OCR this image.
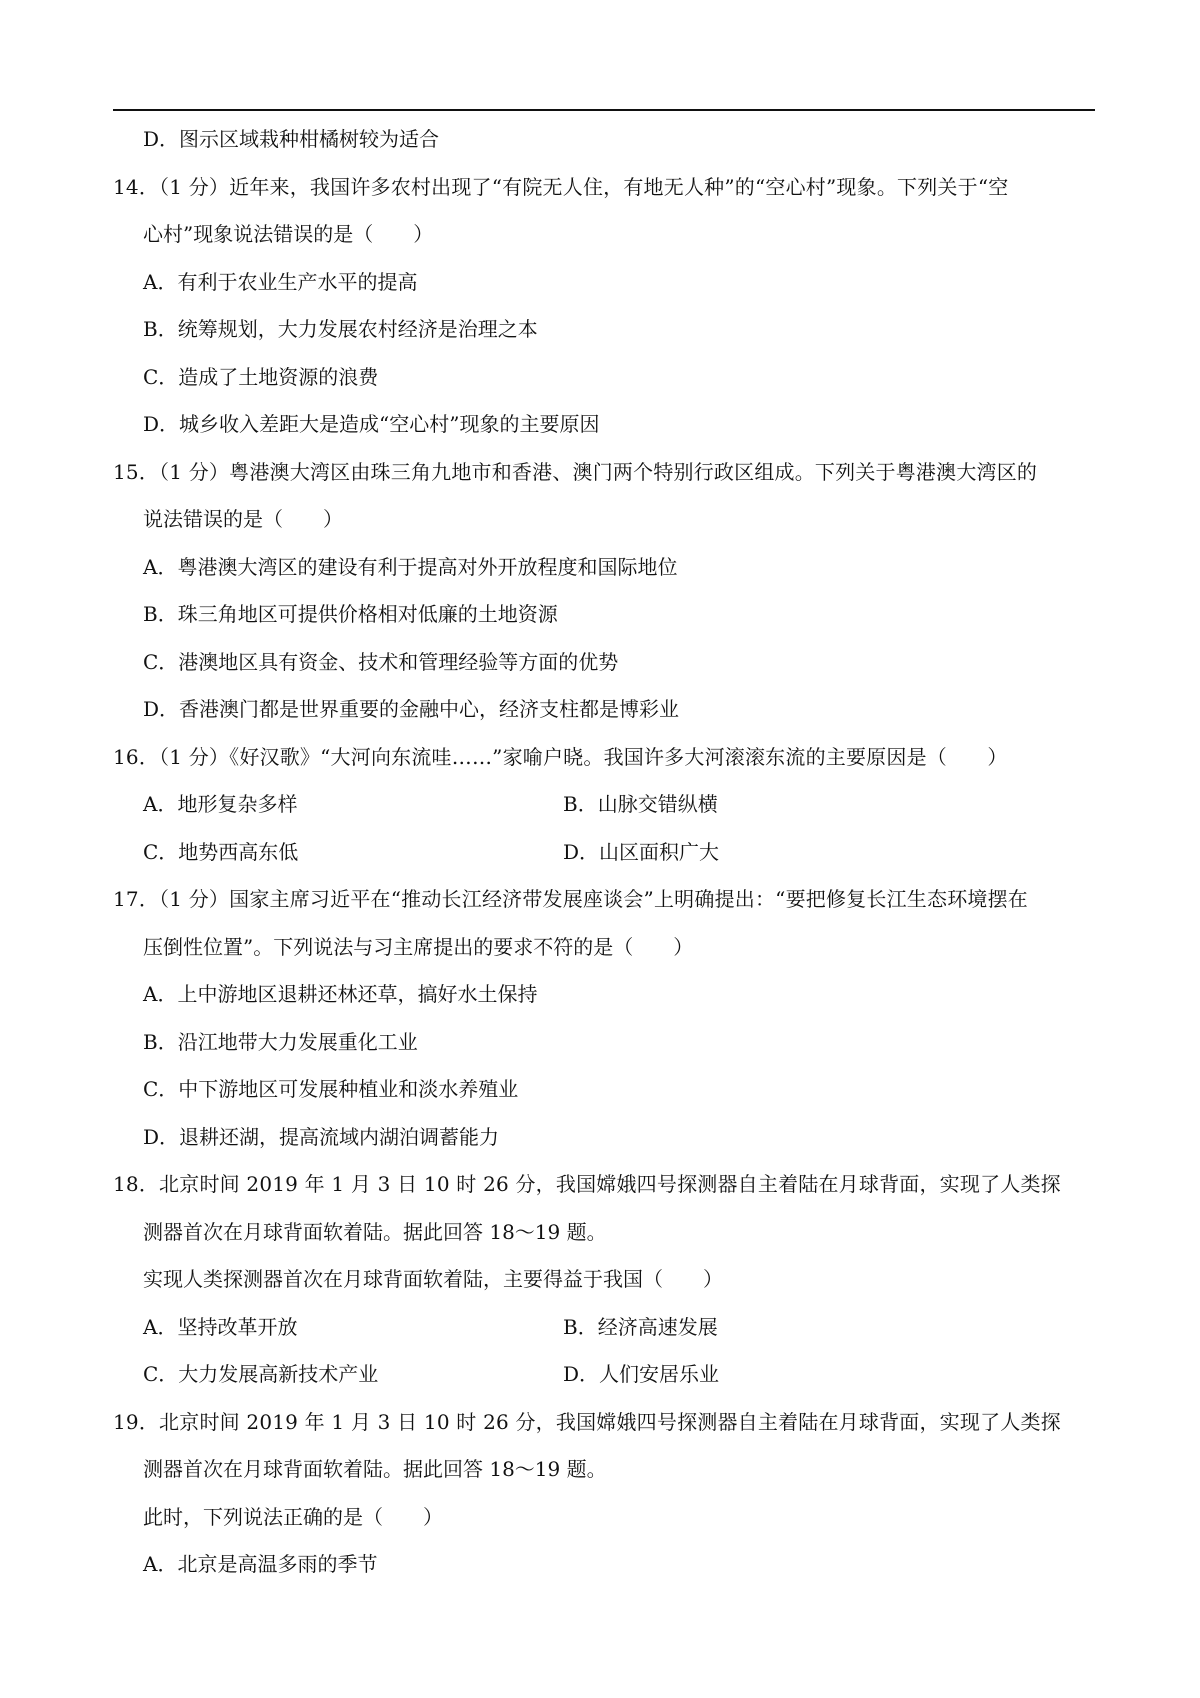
D．图示区域栽种柑橘树较为适合
14．（1 分）近年来，我国许多农村出现了“有院无人住，有地无人种”的“空心村”现象。下列关于“空
心村”现象说法错误的是（　　）
A．有利于农业生产水平的提高
B．统筹规划，大力发展农村经济是治理之本
C．造成了土地资源的浪费
D．城乡收入差距大是造成“空心村”现象的主要原因
15．（1 分）粤港澳大湾区由珠三角九地市和香港、澳门两个特别行政区组成。下列关于粤港澳大湾区的
说法错误的是（　　）
A．粤港澳大湾区的建设有利于提高对外开放程度和国际地位
B．珠三角地区可提供价格相对低廉的土地资源
C．港澳地区具有资金、技术和管理经验等方面的优势
D．香港澳门都是世界重要的金融中心，经济支柱都是博彩业
16．（1 分）《好汉歌》“大河向东流哇……”家喻户晓。我国许多大河滚滚东流的主要原因是（　　）
A．地形复杂多样	B．山脉交错纵横
C．地势西高东低	D．山区面积广大
17．（1 分）国家主席习近平在“推动长江经济带发展座谈会”上明确提出：“要把修复长江生态环境摆在
压倒性位置”。下列说法与习主席提出的要求不符的是（　　）
A．上中游地区退耕还林还草，搞好水土保持
B．沿江地带大力发展重化工业
C．中下游地区可发展种植业和淡水养殖业
D．退耕还湖，提高流域内湖泊调蓄能力
18．北京时间 2019 年 1 月 3 日 10 时 26 分，我国嫦娥四号探测器自主着陆在月球背面，实现了人类探
测器首次在月球背面软着陆。据此回答 18～19 题。
实现人类探测器首次在月球背面软着陆，主要得益于我国（　　）
A．坚持改革开放	B．经济高速发展
C．大力发展高新技术产业	D．人们安居乐业
19．北京时间 2019 年 1 月 3 日 10 时 26 分，我国嫦娥四号探测器自主着陆在月球背面，实现了人类探
测器首次在月球背面软着陆。据此回答 18～19 题。
此时，下列说法正确的是（　　）
A．北京是高温多雨的季节
